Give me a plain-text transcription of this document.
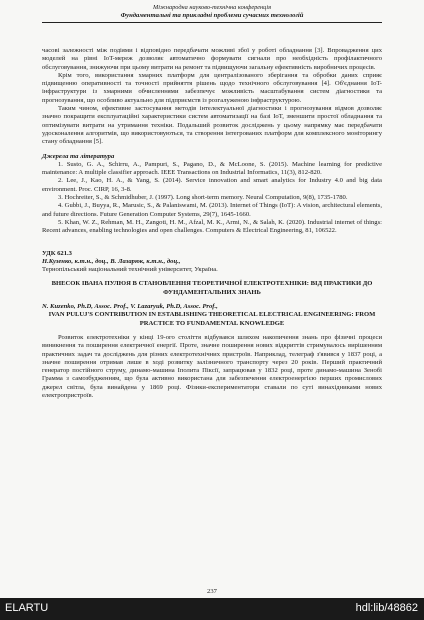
Міжнародна науково-технічна конференція
Фундаментальні та прикладні проблеми сучасних технологій

часові залежності між подіями і відповідно передбачати можливі збої у роботі обладнання [3]. Впровадження цих моделей на рівні IoT-мереж дозволяє автоматично формувати сигнали про необхідність профілактичного обслуговування, знижуючи при цьому витрати на ремонт та підвищуючи загальну ефективність виробничих процесів.

Крім того, використання хмарних платформ для централізованого зберігання та обробки даних сприяє підвищенню оперативності та точності прийняття рішень щодо технічного обслуговування [4]. Об'єднання IoT-інфраструктури із хмарними обчисленнями забезпечує можливість масштабування систем діагностики та прогнозування, що особливо актуально для підприємств із розгалуженою інфраструктурою.

Таким чином, ефективне застосування методів інтелектуальної діагностики і прогнозування відмов дозволяє значно покращити експлуатаційні характеристики систем автоматизації на базі IoT, зменшити простої обладнання та оптимізувати витрати на утримання техніки. Подальший розвиток досліджень у цьому напрямку має передбачати удосконалення алгоритмів, що використовуються, та створення інтегрованих платформ для комплексного моніторингу стану обладнання [5].

Джерела та література

1. Susto, G. A., Schirru, A., Pampuri, S., Pagano, D., & McLoone, S. (2015). Machine learning for predictive maintenance: A multiple classifier approach. IEEE Transactions on Industrial Informatics, 11(3), 812-820.

2. Lee, J., Kao, H. A., & Yang, S. (2014). Service innovation and smart analytics for Industry 4.0 and big data environment. Proc. CIRP, 16, 3-8.

3. Hochreiter, S., & Schmidhuber, J. (1997). Long short-term memory. Neural Computation, 9(8), 1735-1780.

4. Gubbi, J., Buyya, R., Marusic, S., & Palaniswami, M. (2013). Internet of Things (IoT): A vision, architectural elements, and future directions. Future Generation Computer Systems, 29(7), 1645-1660.

5. Khan, W. Z., Rehman, M. H., Zangoti, H. M., Afzal, M. K., Armi, N., & Salah, K. (2020). Industrial internet of things: Recent advances, enabling technologies and open challenges. Computers & Electrical Engineering, 81, 106522.

УДК 621.3

Н.Кузенко, к.т.н., доц., В. Лазарюк, к.т.н., доц.,

Тернопільський національний технічний університет, Україна.

ВНЕСОК ІВАНА ПУЛЮЯ В СТАНОВЛЕННЯ ТЕОРЕТИЧНОЇ ЕЛЕКТРОТЕХНІКИ: ВІД ПРАКТИКИ ДО ФУНДАМЕНТАЛЬНИХ ЗНАНЬ

N. Kuzenko, Ph.D, Assoc. Prof., V. Lazaryuk, Ph.D, Assoc. Prof.,

IVAN PULUJ'S CONTRIBUTION IN ESTABLISHING THEORETICAL ELECTRICAL ENGINEERING: FROM PRACTICE TO FUNDAMENTAL KNOWLEDGE

Розвиток електротехніки у кінці 19-ого століття відбувався шляхом накопичення знань про фізичні процеси виникнення та поширення електричної енергії. Проте, значне поширення нових відкриттів стримувалось вирішенням практичних задач та досліджень для різних електротехнічних пристроїв. Наприклад, телеграф з'явився у 1837 році, а значне поширення отримав лише в ході розвитку залізничного транспорту через 20 років. Перший практичний генератор постійного струму, динамо-машина Іполита Піксії, запрацював у 1832 році, проте динамо-машина Зенобі Грамма з самозбудженням, що була активно використана для забезпечення електроенергією перших промислових джерел світла, була винайдена у 1869 році. Фізики-експериментатори ставали по суті винахідниками нових електропристроїв.

237
ELARTU	hdl:lib/48862
